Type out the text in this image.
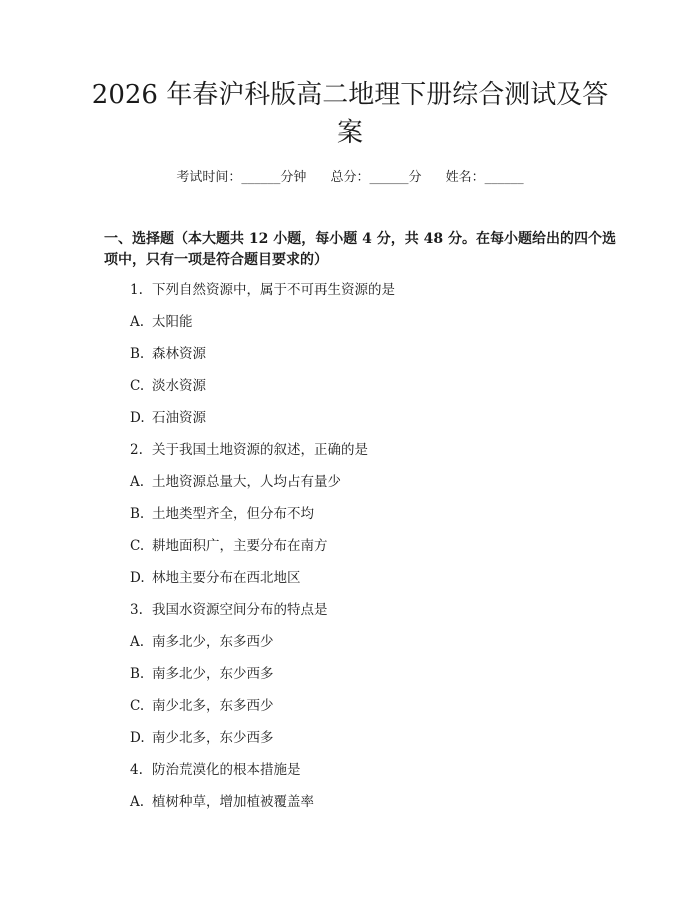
2026 年春沪科版高二地理下册综合测试及答案
考试时间：______分钟 总分：______分 姓名：______

一、选择题（本大题共 12 小题，每小题 4 分，共 48 分。在每小题给出的四个选项中，只有一项是符合题目要求的）

1. 下列自然资源中，属于不可再生资源的是
A. 太阳能
B. 森林资源
C. 淡水资源
D. 石油资源
2. 关于我国土地资源的叙述，正确的是
A. 土地资源总量大，人均占有量少
B. 土地类型齐全，但分布不均
C. 耕地面积广，主要分布在南方
D. 林地主要分布在西北地区
3. 我国水资源空间分布的特点是
A. 南多北少，东多西少
B. 南多北少，东少西多
C. 南少北多，东多西少
D. 南少北多，东少西多
4. 防治荒漠化的根本措施是
A. 植树种草，增加植被覆盖率
